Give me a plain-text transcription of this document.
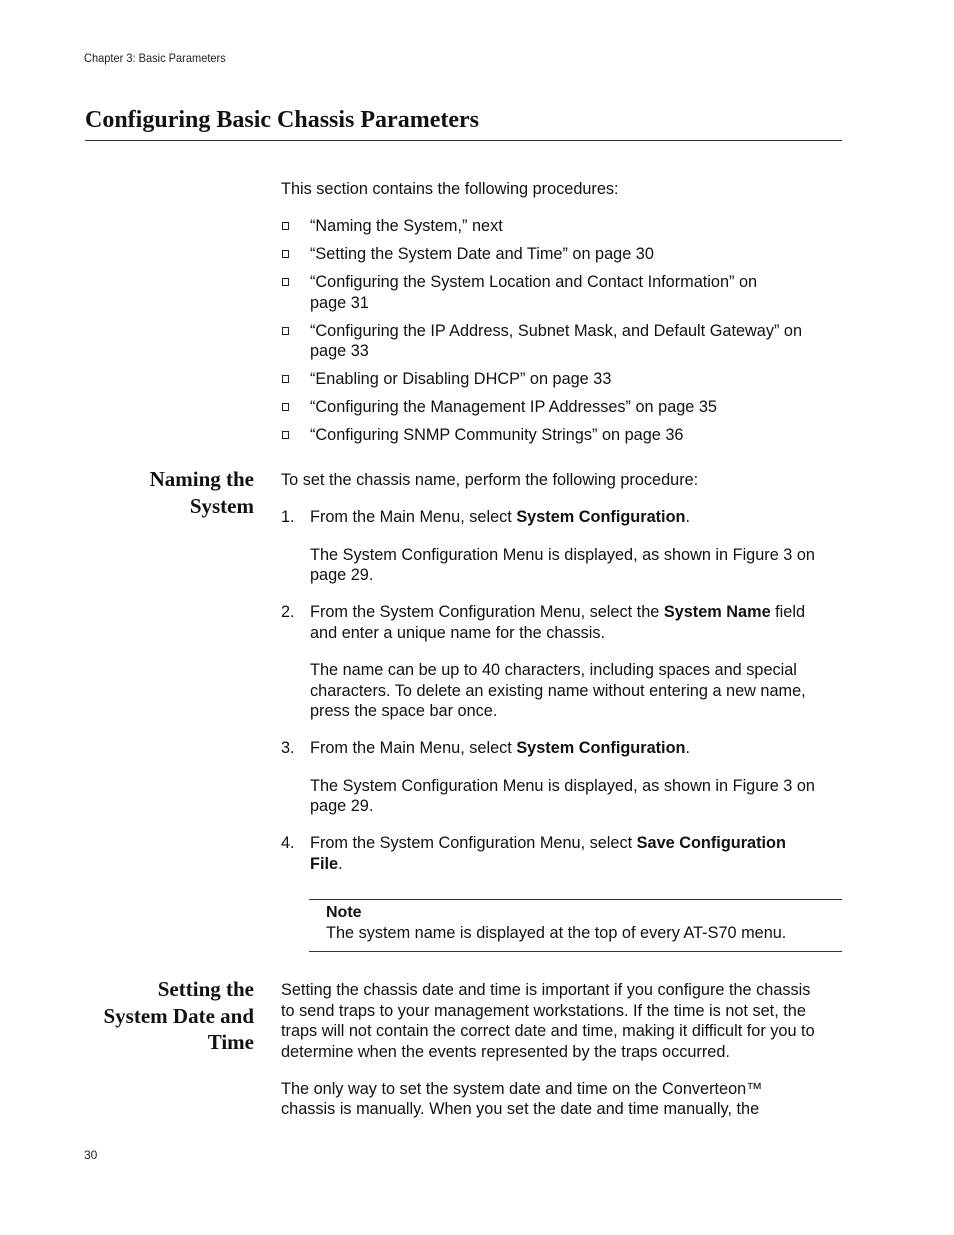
Chapter 3: Basic Parameters
Configuring Basic Chassis Parameters

This section contains the following procedures:

“Naming the System,” next
“Setting the System Date and Time” on page 30
“Configuring the System Location and Contact Information” on
page 31
“Configuring the IP Address, Subnet Mask, and Default Gateway” on
page 33
“Enabling or Disabling DHCP” on page 33
“Configuring the Management IP Addresses” on page 35
“Configuring SNMP Community Strings” on page 36
Naming the
System

To set the chassis name, perform the following procedure:

1. From the Main Menu, select System Configuration.

The System Configuration Menu is displayed, as shown in Figure 3 on
page 29.

2. From the System Configuration Menu, select the System Name field
and enter a unique name for the chassis.

The name can be up to 40 characters, including spaces and special
characters. To delete an existing name without entering a new name,
press the space bar once.

3. From the Main Menu, select System Configuration.

The System Configuration Menu is displayed, as shown in Figure 3 on
page 29.

4. From the System Configuration Menu, select Save Configuration
File.

Note
The system name is displayed at the top of every AT-S70 menu.
Setting the
System Date and
Time

Setting the chassis date and time is important if you configure the chassis
to send traps to your management workstations. If the time is not set, the
traps will not contain the correct date and time, making it difficult for you to
determine when the events represented by the traps occurred.

The only way to set the system date and time on the Converteon™
chassis is manually. When you set the date and time manually, the

30
